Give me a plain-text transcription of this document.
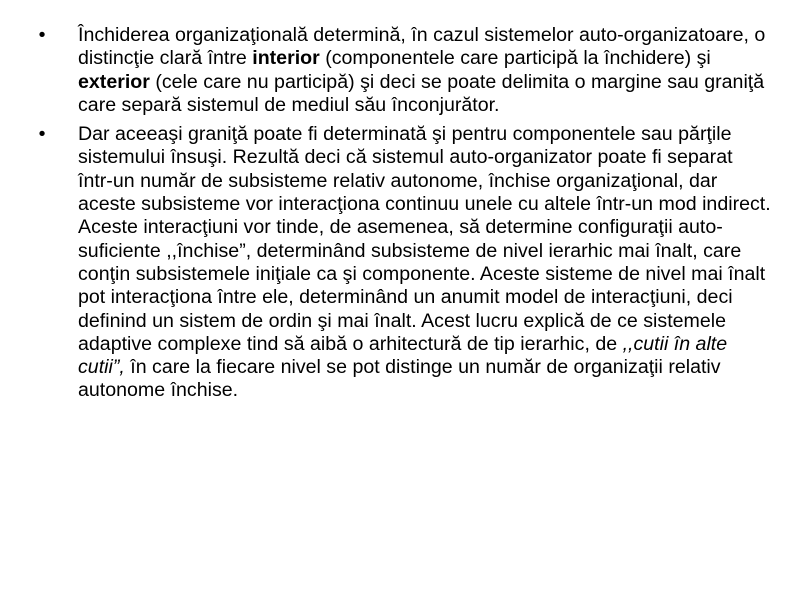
• Închiderea organizaţională determină, în cazul sistemelor auto-organizatoare, o distincţie clară între interior (componentele care participă la închidere) şi exterior (cele care nu participă) şi deci se poate delimita o margine sau graniţă care separă sistemul de mediul său înconjurător.
• Dar aceeaşi graniţă poate fi determinată şi pentru componentele sau părţile sistemului însuşi. Rezultă deci că sistemul auto-organizator poate fi separat într-un număr de subsisteme relativ autonome, închise organizaţional, dar aceste subsisteme vor interacţiona continuu unele cu altele într-un mod indirect. Aceste interacţiuni vor tinde, de asemenea, să determine configuraţii auto-suficiente ,,închise”, determinând subsisteme de nivel ierarhic mai înalt, care conţin subsistemele iniţiale ca şi componente. Aceste sisteme de nivel mai înalt pot interacţiona între ele, determinând un anumit model de interacţiuni, deci definind un sistem de ordin şi mai înalt. Acest lucru explică de ce sistemele adaptive complexe tind să aibă o arhitectură de tip ierarhic, de ,,cutii în alte cutii”, în care la fiecare nivel se pot distinge un număr de organizaţii relativ autonome închise.
